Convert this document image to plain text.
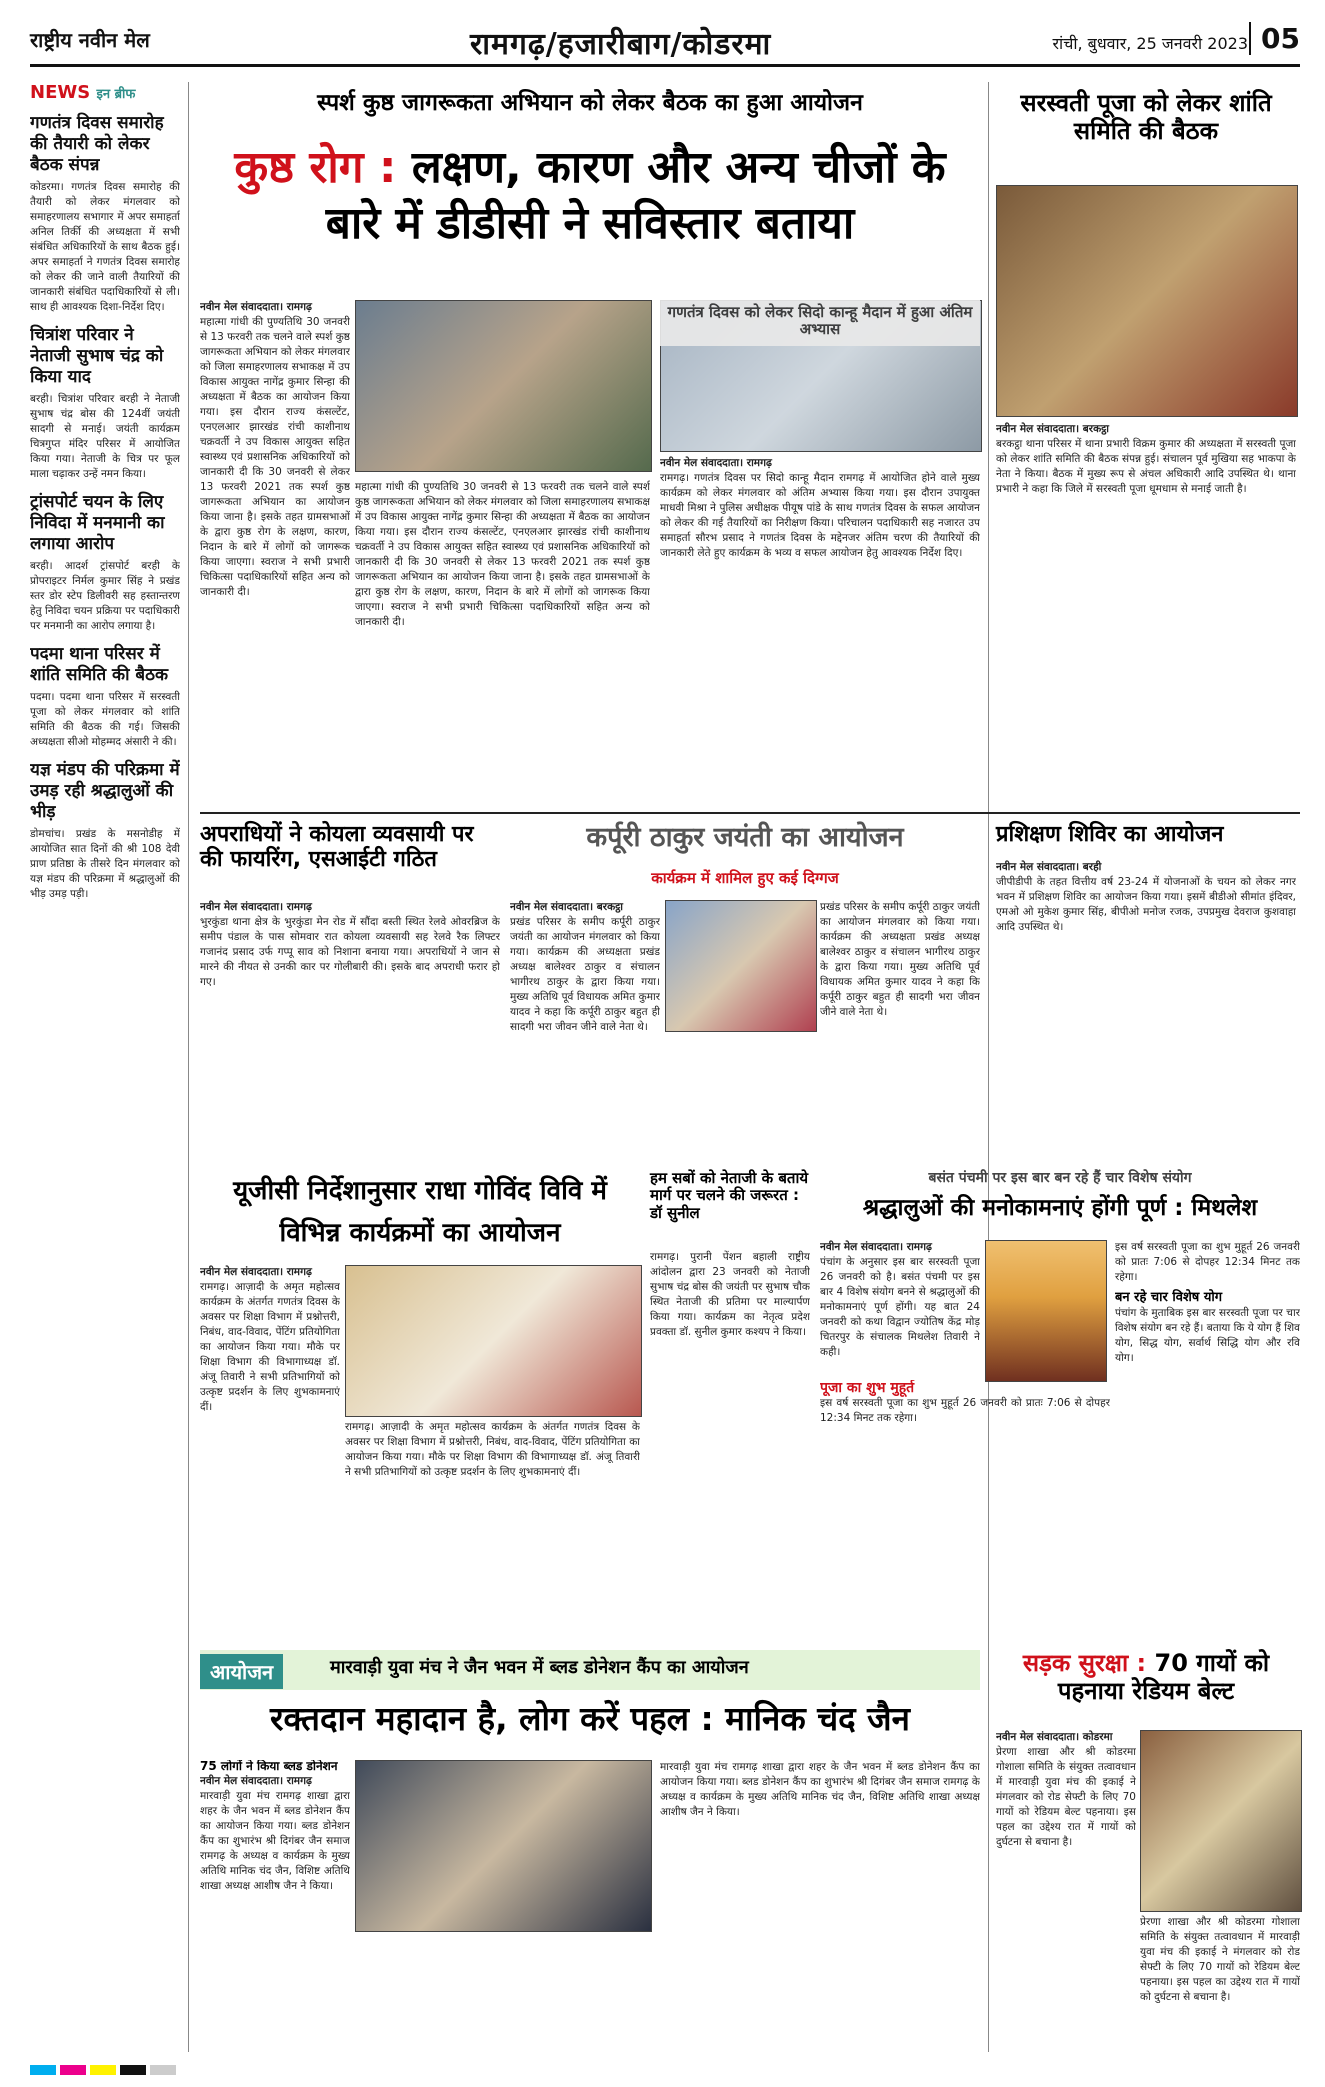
राष्ट्रीय नवीन मेल	रामगढ़/हजारीबाग/कोडरमा	रांची, बुधवार, 25 जनवरी 2023 05
NEWS इन ब्रीफ
गणतंत्र दिवस समारोह की तैयारी को लेकर बैठक संपन्न
कोडरमा। गणतंत्र दिवस समारोह की तैयारी को लेकर मंगलवार को समाहरणालय सभागार में अपर समाहर्ता अनिल तिर्की की अध्यक्षता में सभी संबंधित अधिकारियों के साथ बैठक हुई। अपर समाहर्ता ने गणतंत्र दिवस समारोह को लेकर की जाने वाली तैयारियों की जानकारी संबंधित पदाधिकारियों से ली। साथ ही आवश्यक दिशा-निर्देश दिए।
चित्रांश परिवार ने नेताजी सुभाष चंद्र को किया याद
बरही। चित्रांश परिवार बरही ने नेताजी सुभाष चंद्र बोस की 124वीं जयंती सादगी से मनाई। जयंती कार्यक्रम चित्रगुप्त मंदिर परिसर में आयोजित किया गया। नेताजी के चित्र पर फूल माला चढ़ाकर उन्हें नमन किया।
ट्रांसपोर्ट चयन के लिए निविदा में मनमानी का लगाया आरोप
बरही। आदर्श ट्रांसपोर्ट बरही के प्रोपराइटर निर्मल कुमार सिंह ने प्रखंड स्तर डोर स्टेप डिलीवरी सह हस्तान्तरण हेतु निविदा चयन प्रक्रिया पर पदाधिकारी पर मनमानी का आरोप लगाया है।
पदमा थाना परिसर में शांति समिति की बैठक
पदमा। पदमा थाना परिसर में सरस्वती पूजा को लेकर मंगलवार को शांति समिति की बैठक की गई। जिसकी अध्यक्षता सीओ मोहम्मद अंसारी ने की।
यज्ञ मंडप की परिक्रमा में उमड़ रही श्रद्धालुओं की भीड़
डोमचांच। प्रखंड के मसनोडीह में आयोजित सात दिनों की श्री 108 देवी प्राण प्रतिष्ठा के तीसरे दिन मंगलवार को यज्ञ मंडप की परिक्रमा में श्रद्धालुओं की भीड़ उमड़ पड़ी।
स्पर्श कुष्ठ जागरूकता अभियान को लेकर बैठक का हुआ आयोजन
कुष्ठ रोग : लक्षण, कारण और अन्य चीजों के बारे में डीडीसी ने सविस्तार बताया

नवीन मेल संवाददाता। रामगढ़

महात्मा गांधी की पुण्यतिथि 30 जनवरी से 13 फरवरी तक चलने वाले स्पर्श कुष्ठ जागरूकता अभियान को लेकर मंगलवार को जिला समाहरणालय सभाकक्ष में उप विकास आयुक्त नागेंद्र कुमार सिन्हा की अध्यक्षता में बैठक का आयोजन किया गया। इस दौरान राज्य कंसल्टेंट, एनएलआर झारखंड रांची काशीनाथ चक्रवर्ती ने उप विकास आयुक्त सहित स्वास्थ्य एवं प्रशासनिक अधिकारियों को जानकारी दी कि 30 जनवरी से लेकर 13 फरवरी 2021 तक स्पर्श कुष्ठ जागरूकता अभियान का आयोजन किया जाना है। इसके तहत ग्रामसभाओं के द्वारा कुष्ठ रोग के लक्षण, कारण, निदान के बारे में लोगों को जागरूक किया जाएगा। स्वराज ने सभी प्रभारी चिकित्सा पदाधिकारियों सहित अन्य को जानकारी दी।

महात्मा गांधी की पुण्यतिथि 30 जनवरी से 13 फरवरी तक चलने वाले स्पर्श कुष्ठ जागरूकता अभियान को लेकर मंगलवार को जिला समाहरणालय सभाकक्ष में उप विकास आयुक्त नागेंद्र कुमार सिन्हा की अध्यक्षता में बैठक का आयोजन किया गया। इस दौरान राज्य कंसल्टेंट, एनएलआर झारखंड रांची काशीनाथ चक्रवर्ती ने उप विकास आयुक्त सहित स्वास्थ्य एवं प्रशासनिक अधिकारियों को जानकारी दी कि 30 जनवरी से लेकर 13 फरवरी 2021 तक स्पर्श कुष्ठ जागरूकता अभियान का आयोजन किया जाना है। इसके तहत ग्रामसभाओं के द्वारा कुष्ठ रोग के लक्षण, कारण, निदान के बारे में लोगों को जागरूक किया जाएगा। स्वराज ने सभी प्रभारी चिकित्सा पदाधिकारियों सहित अन्य को जानकारी दी।

गणतंत्र दिवस को लेकर सिदो कान्हू मैदान में हुआ अंतिम अभ्यास

नवीन मेल संवाददाता। रामगढ़

रामगढ़। गणतंत्र दिवस पर सिदो कान्हू मैदान रामगढ़ में आयोजित होने वाले मुख्य कार्यक्रम को लेकर मंगलवार को अंतिम अभ्यास किया गया। इस दौरान उपायुक्त माधवी मिश्रा ने पुलिस अधीक्षक पीयूष पांडे के साथ गणतंत्र दिवस के सफल आयोजन को लेकर की गई तैयारियों का निरीक्षण किया। परिचालन पदाधिकारी सह नजारत उप समाहर्ता सौरभ प्रसाद ने गणतंत्र दिवस के मद्देनजर अंतिम चरण की तैयारियों की जानकारी लेते हुए कार्यक्रम के भव्य व सफल आयोजन हेतु आवश्यक निर्देश दिए।

सरस्वती पूजा को लेकर शांति समिति की बैठक

नवीन मेल संवाददाता। बरकट्ठा

बरकट्ठा थाना परिसर में थाना प्रभारी विक्रम कुमार की अध्यक्षता में सरस्वती पूजा को लेकर शांति समिति की बैठक संपन्न हुई। संचालन पूर्व मुखिया सह भाकपा के नेता ने किया। बैठक में मुख्य रूप से अंचल अधिकारी आदि उपस्थित थे। थाना प्रभारी ने कहा कि जिले में सरस्वती पूजा धूमधाम से मनाई जाती है।

अपराधियों ने कोयला व्यवसायी पर की फायरिंग, एसआईटी गठित

नवीन मेल संवाददाता। रामगढ़

भुरकुंडा थाना क्षेत्र के भुरकुंडा मेन रोड में सौंदा बस्ती स्थित रेलवे ओवरब्रिज के समीप पंडाल के पास सोमवार रात कोयला व्यवसायी सह रेलवे रैक लिफ्टर गजानंद प्रसाद उर्फ गप्पू साव को निशाना बनाया गया। अपराधियों ने जान से मारने की नीयत से उनकी कार पर गोलीबारी की। इसके बाद अपराधी फरार हो गए।

कर्पूरी ठाकुर जयंती का आयोजन
कार्यक्रम में शामिल हुए कई दिग्गज

नवीन मेल संवाददाता। बरकट्ठा

प्रखंड परिसर के समीप कर्पूरी ठाकुर जयंती का आयोजन मंगलवार को किया गया। कार्यक्रम की अध्यक्षता प्रखंड अध्यक्ष बालेश्वर ठाकुर व संचालन भागीरथ ठाकुर के द्वारा किया गया। मुख्य अतिथि पूर्व विधायक अमित कुमार यादव ने कहा कि कर्पूरी ठाकुर बहुत ही सादगी भरा जीवन जीने वाले नेता थे।

प्रखंड परिसर के समीप कर्पूरी ठाकुर जयंती का आयोजन मंगलवार को किया गया। कार्यक्रम की अध्यक्षता प्रखंड अध्यक्ष बालेश्वर ठाकुर व संचालन भागीरथ ठाकुर के द्वारा किया गया। मुख्य अतिथि पूर्व विधायक अमित कुमार यादव ने कहा कि कर्पूरी ठाकुर बहुत ही सादगी भरा जीवन जीने वाले नेता थे।

प्रशिक्षण शिविर का आयोजन

नवीन मेल संवाददाता। बरही

जीपीडीपी के तहत वित्तीय वर्ष 23-24 में योजनाओं के चयन को लेकर नगर भवन में प्रशिक्षण शिविर का आयोजन किया गया। इसमें बीडीओ सीमांत इंदिवर, एमओ ओ मुकेश कुमार सिंह, बीपीओ मनोज रजक, उपप्रमुख देवराज कुशवाहा आदि उपस्थित थे।

यूजीसी निर्देशानुसार राधा गोविंद विवि में विभिन्न कार्यक्रमों का आयोजन

नवीन मेल संवाददाता। रामगढ़

रामगढ़। आज़ादी के अमृत महोत्सव कार्यक्रम के अंतर्गत गणतंत्र दिवस के अवसर पर शिक्षा विभाग में प्रश्नोत्तरी, निबंध, वाद-विवाद, पेंटिंग प्रतियोगिता का आयोजन किया गया। मौके पर शिक्षा विभाग की विभागाध्यक्ष डॉ. अंजू तिवारी ने सभी प्रतिभागियों को उत्कृष्ट प्रदर्शन के लिए शुभकामनाएं दीं।

रामगढ़। आज़ादी के अमृत महोत्सव कार्यक्रम के अंतर्गत गणतंत्र दिवस के अवसर पर शिक्षा विभाग में प्रश्नोत्तरी, निबंध, वाद-विवाद, पेंटिंग प्रतियोगिता का आयोजन किया गया। मौके पर शिक्षा विभाग की विभागाध्यक्ष डॉ. अंजू तिवारी ने सभी प्रतिभागियों को उत्कृष्ट प्रदर्शन के लिए शुभकामनाएं दीं।

हम सबों को नेताजी के बताये मार्ग पर चलने की जरूरत : डॉ सुनील

रामगढ़। पुरानी पेंशन बहाली राष्ट्रीय आंदोलन द्वारा 23 जनवरी को नेताजी सुभाष चंद्र बोस की जयंती पर सुभाष चौक स्थित नेताजी की प्रतिमा पर माल्यार्पण किया गया। कार्यक्रम का नेतृत्व प्रदेश प्रवक्ता डॉ. सुनील कुमार कश्यप ने किया।

बसंत पंचमी पर इस बार बन रहे हैं चार विशेष संयोग
श्रद्धालुओं की मनोकामनाएं होंगी पूर्ण : मिथलेश

नवीन मेल संवाददाता। रामगढ़

पंचांग के अनुसार इस बार सरस्वती पूजा 26 जनवरी को है। बसंत पंचमी पर इस बार 4 विशेष संयोग बनने से श्रद्धालुओं की मनोकामनाएं पूर्ण होंगी। यह बात 24 जनवरी को कथा विद्वान ज्योतिष केंद्र मोड़ चितरपुर के संचालक मिथलेश तिवारी ने कही।

पूजा का शुभ मुहूर्त

इस वर्ष सरस्वती पूजा का शुभ मुहूर्त 26 जनवरी को प्रातः 7:06 से दोपहर 12:34 मिनट तक रहेगा।

इस वर्ष सरस्वती पूजा का शुभ मुहूर्त 26 जनवरी को प्रातः 7:06 से दोपहर 12:34 मिनट तक रहेगा।

बन रहे चार विशेष योग

पंचांग के मुताबिक इस बार सरस्वती पूजा पर चार विशेष संयोग बन रहे हैं। बताया कि ये योग हैं शिव योग, सिद्ध योग, सर्वार्थ सिद्धि योग और रवि योग।

आयोजन	मारवाड़ी युवा मंच ने जैन भवन में ब्लड डोनेशन कैंप का आयोजन
रक्तदान महादान है, लोग करें पहल : मानिक चंद जैन

75 लोगों ने किया ब्लड डोनेशन

नवीन मेल संवाददाता। रामगढ़

मारवाड़ी युवा मंच रामगढ़ शाखा द्वारा शहर के जैन भवन में ब्लड डोनेशन कैंप का आयोजन किया गया। ब्लड डोनेशन कैंप का शुभारंभ श्री दिगंबर जैन समाज रामगढ़ के अध्यक्ष व कार्यक्रम के मुख्य अतिथि मानिक चंद जैन, विशिष्ट अतिथि शाखा अध्यक्ष आशीष जैन ने किया।

मारवाड़ी युवा मंच रामगढ़ शाखा द्वारा शहर के जैन भवन में ब्लड डोनेशन कैंप का आयोजन किया गया। ब्लड डोनेशन कैंप का शुभारंभ श्री दिगंबर जैन समाज रामगढ़ के अध्यक्ष व कार्यक्रम के मुख्य अतिथि मानिक चंद जैन, विशिष्ट अतिथि शाखा अध्यक्ष आशीष जैन ने किया।

सड़क सुरक्षा : 70 गायों को पहनाया रेडियम बेल्ट

नवीन मेल संवाददाता। कोडरमा

प्रेरणा शाखा और श्री कोडरमा गोशाला समिति के संयुक्त तत्वावधान में मारवाड़ी युवा मंच की इकाई ने मंगलवार को रोड सेफ्टी के लिए 70 गायों को रेडियम बेल्ट पहनाया। इस पहल का उद्देश्य रात में गायों को दुर्घटना से बचाना है।

प्रेरणा शाखा और श्री कोडरमा गोशाला समिति के संयुक्त तत्वावधान में मारवाड़ी युवा मंच की इकाई ने मंगलवार को रोड सेफ्टी के लिए 70 गायों को रेडियम बेल्ट पहनाया। इस पहल का उद्देश्य रात में गायों को दुर्घटना से बचाना है।
